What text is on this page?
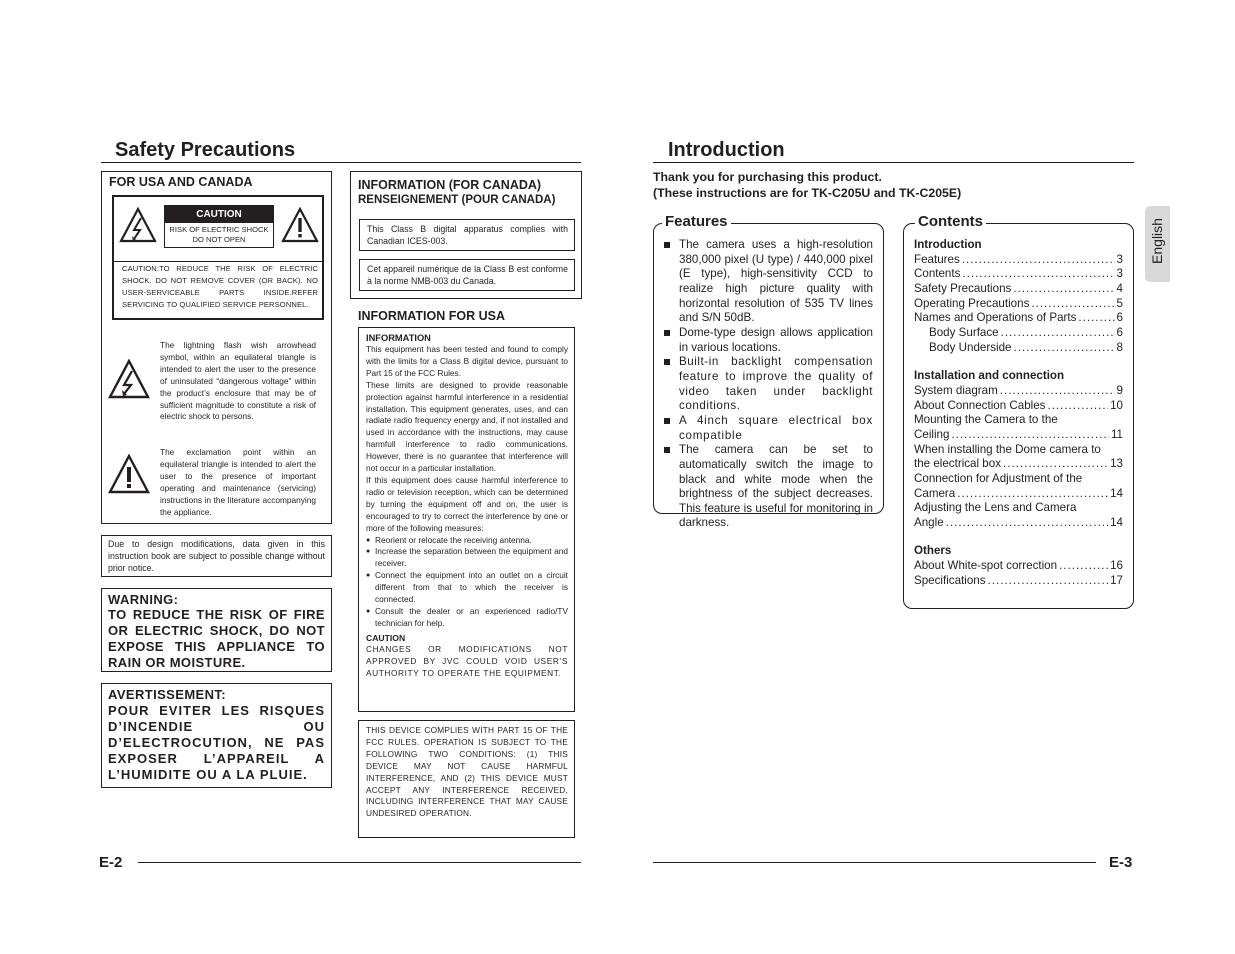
Safety Precautions
FOR USA AND CANADA
CAUTION
RISK OF ELECTRIC SHOCK DO NOT OPEN
CAUTION:TO REDUCE THE RISK OF ELECTRIC SHOCK. DO NOT REMOVE COVER (OR BACK). NO USER-SERVICEABLE PARTS INSIDE.REFER SERVICING TO QUALIFIED SERVICE PERSONNEL.
The lightning flash wish arrowhead symbol, within an equilateral triangle is intended to alert the user to the presence of uninsulated “dangerous voltage” within the product’s enclosure that may be of sufficient magnitude to constitute a risk of electric shock to persons.
The exclamation point within an equilateral triangle is intended to alert the user to the presence of important operating and maintenance (servicing) instructions in the literature accompanying the appliance.
Due to design modifications, data given in this instruction book are subject to possible change without prior notice.
WARNING:
TO REDUCE THE RISK OF FIRE OR ELECTRIC SHOCK, DO NOT EXPOSE THIS APPLIANCE TO RAIN OR MOISTURE.
AVERTISSEMENT:
POUR EVITER LES RISQUES D’INCENDIE OU D’ELECTROCUTION, NE PAS EXPOSER L’APPAREIL A L’HUMIDITE OU A LA PLUIE.
INFORMATION (FOR CANADA)
RENSEIGNEMENT (POUR CANADA)
This Class B digital apparatus complies with Canadian ICES-003.
Cet appareil numérique de la Class B est conforme à la norme NMB-003 du Canada.
INFORMATION FOR USA
INFORMATION
This equipment has been tested and found to comply with the limits for a Class B digital device, pursuant to Part 15 of the FCC Rules.
These limits are designed to provide reasonable protection against harmful interference in a residential installation. This equipment generates, uses, and can radiate radio frequency energy and, if not installed and used in accordance with the instructions, may cause harmfull interference to radio communications. However, there is no guarantee that interference will not occur in a particular installation.
If this equipment does cause harmful interference to radio or television reception, which can be determined by turning the equipment off and on, the user is encouraged to try to correct the interference by one or more of the following measures:
● Reorient or relocate the receiving antenna.
● Increase the separation between the equipment and receiver.
● Connect the equipment into an outlet on a circuit different from that to which the receiver is connected.
● Consult the dealer or an experienced radio/TV technician for help.
CAUTION
CHANGES OR MODIFICATIONS NOT APPROVED BY JVC COULD VOID USER’S AUTHORITY TO OPERATE THE EQUIPMENT.
THIS DEVICE COMPLIES WITH PART 15 OF THE FCC RULES. OPERATION IS SUBJECT TO THE FOLLOWING TWO CONDITIONS: (1) THIS DEVICE MAY NOT CAUSE HARMFUL INTERFERENCE, AND (2) THIS DEVICE MUST ACCEPT ANY INTERFERENCE RECEIVED, INCLUDING INTERFERENCE THAT MAY CAUSE UNDESIRED OPERATION.
E-2
Introduction
Thank you for purchasing this product.
(These instructions are for TK-C205U and TK-C205E)
Features
The camera uses a high-resolution 380,000 pixel (U type) / 440,000 pixel (E type), high-sensitivity CCD to realize high picture quality with horizontal resolution of 535 TV lines and S/N 50dB.
Dome-type design allows application in various locations.
Built-in backlight compensation feature to improve the quality of video taken under backlight conditions.
A 4inch square electrical box compatible
The camera can be set to automatically switch the image to black and white mode when the brightness of the subject decreases. This feature is useful for monitoring in darkness.
Contents
Introduction
Features .....	3
Contents .....	3
Safety Precautions .....	4
Operating Precautions .....	5
Names and Operations of Parts .....	6
Body Surface .....	6
Body Underside .....	8
Installation and connection
System diagram .....	9
About Connection Cables .....	10
Mounting the Camera to the
Ceiling .....	11
When installing the Dome camera to
the electrical box .....	13
Connection for Adjustment of the
Camera .....	14
Adjusting the Lens and Camera
Angle .....	14
Others
About White-spot correction .....	16
Specifications .....	17
English
E-3
